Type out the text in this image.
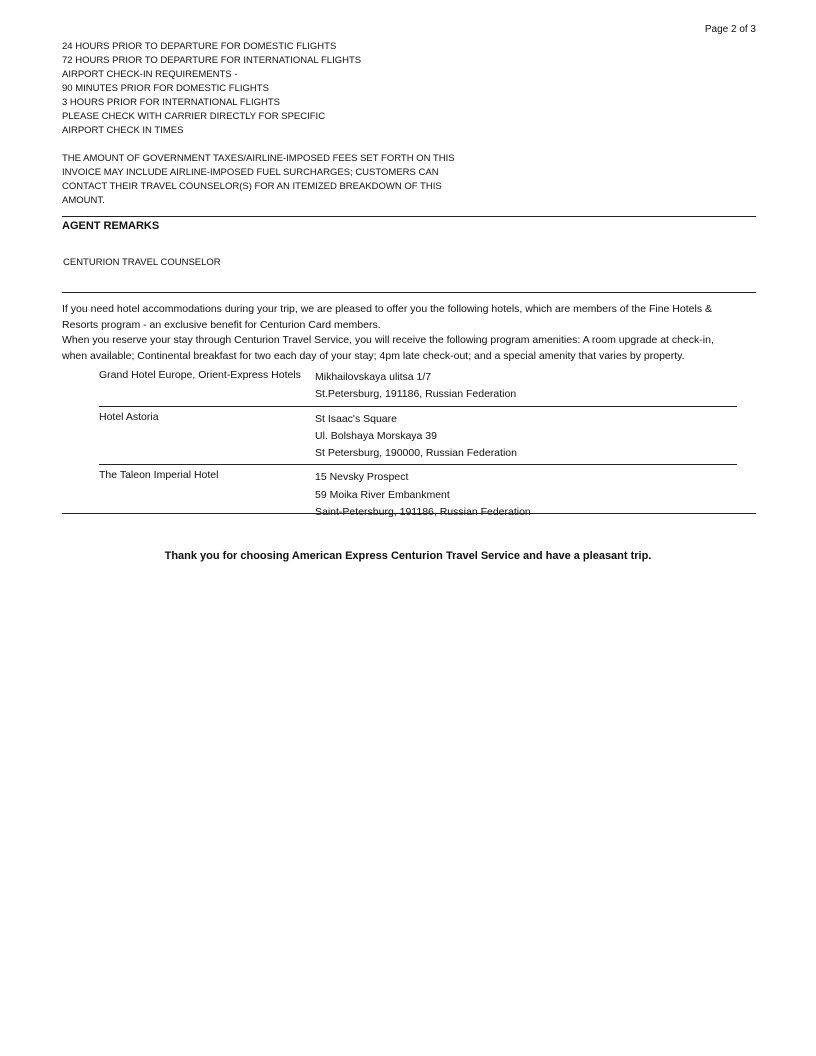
Page 2 of 3
24 HOURS PRIOR TO DEPARTURE FOR DOMESTIC FLIGHTS
72 HOURS PRIOR TO DEPARTURE FOR INTERNATIONAL FLIGHTS
AIRPORT CHECK-IN REQUIREMENTS -
90 MINUTES PRIOR FOR DOMESTIC FLIGHTS
3 HOURS PRIOR FOR INTERNATIONAL FLIGHTS
PLEASE CHECK WITH CARRIER DIRECTLY FOR SPECIFIC
AIRPORT CHECK IN TIMES
THE AMOUNT OF GOVERNMENT TAXES/AIRLINE-IMPOSED FEES SET FORTH ON THIS
INVOICE MAY INCLUDE AIRLINE-IMPOSED FUEL SURCHARGES; CUSTOMERS CAN
CONTACT THEIR TRAVEL COUNSELOR(S) FOR AN ITEMIZED BREAKDOWN OF THIS
AMOUNT.
AGENT REMARKS
CENTURION TRAVEL COUNSELOR
If you need hotel accommodations during your trip, we are pleased to offer you the following hotels, which are members of the Fine Hotels &
Resorts program - an exclusive benefit for Centurion Card members.
When you reserve your stay through Centurion Travel Service, you will receive the following program amenities: A room upgrade at check-in,
when available; Continental breakfast for two each day of your stay; 4pm late check-out; and a special amenity that varies by property.
Grand Hotel Europe, Orient-Express Hotels	Mikhailovskaya ulitsa 1/7
St.Petersburg, 191186, Russian Federation
Hotel Astoria	St Isaac's Square
Ul. Bolshaya Morskaya 39
St Petersburg, 190000, Russian Federation
The Taleon Imperial Hotel	15 Nevsky Prospect
59 Moika River Embankment
Saint-Petersburg, 191186, Russian Federation
Thank you for choosing American Express Centurion Travel Service and have a pleasant trip.
